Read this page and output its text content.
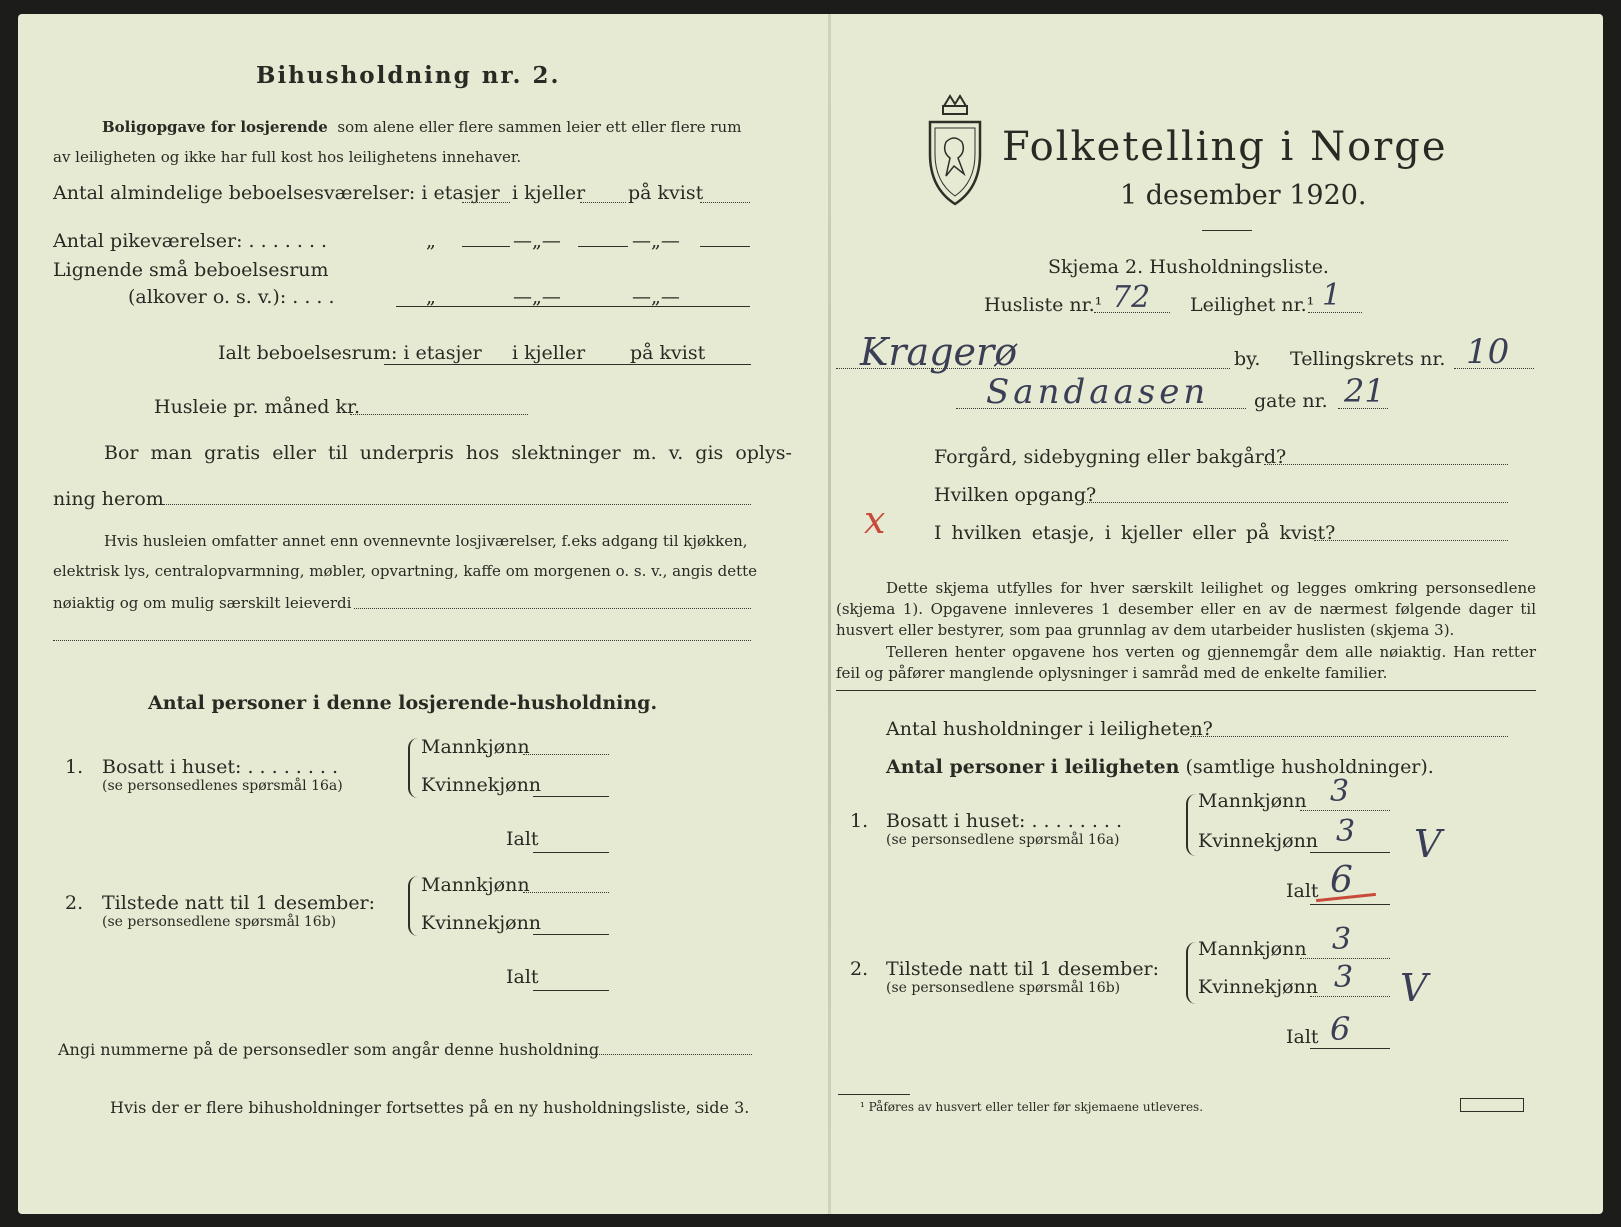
Bihusholdning nr. 2.
Boligopgave for losjerende som alene eller flere sammen leier ett eller flere rum
av leiligheten og ikke har full kost hos leilighetens innehaver.
Antal almindelige beboelsesværelser: i etasjer i kjeller på kvist
Antal pikeværelser: . . . . . . .	„	—„—	—„—
Lignende små beboelsesrum
(alkover o. s. v.): . . . .	„	—„—	—„—
Ialt beboelsesrum: i etasjer i kjeller på kvist
Husleie pr. måned kr.
Bor man gratis eller til underpris hos slektninger m. v. gis oplys-
ning herom
Hvis husleien omfatter annet enn ovennevnte losjiværelser, f.eks adgang til kjøkken,
elektrisk lys, centralopvarmning, møbler, opvartning, kaffe om morgenen o. s. v., angis dette
nøiaktig og om mulig særskilt leieverdi
Antal personer i denne losjerende-husholdning.
1. Bosatt i huset: . . . . . . . .
(se personsedlenes spørsmål 16a)
Mannkjønn
Kvinnekjønn
Ialt
2. Tilstede natt til 1 desember:
(se personsedlene spørsmål 16b)
Mannkjønn
Kvinnekjønn
Ialt
Angi nummerne på de personsedler som angår denne husholdning
Hvis der er flere bihusholdninger fortsettes på en ny husholdningsliste, side 3.
Folketelling i Norge
1 desember 1920.
Skjema 2. Husholdningsliste.
Husliste nr.¹ 72 Leilighet nr.¹ 1
Kragerø	by. Tellingskrets nr. 10
Sandaasen gate nr. 21
Forgård, sidebygning eller bakgård?
Hvilken opgang?
x	I hvilken etasje, i kjeller eller på kvist?
Dette skjema utfylles for hver særskilt leilighet og legges omkring personsedlene (skjema 1). Opgavene innleveres 1 desember eller en av de nærmest følgende dager til husvert eller bestyrer, som paa grunnlag av dem utarbeider huslisten (skjema 3).
Telleren henter opgavene hos verten og gjennemgår dem alle nøiaktig. Han retter feil og påfører manglende oplysninger i samråd med de enkelte familier.
Antal husholdninger i leiligheten?
Antal personer i leiligheten (samtlige husholdninger).
1. Bosatt i huset: . . . . . . . .
(se personsedlene spørsmål 16a)
Mannkjønn 3
Kvinnekjønn 3 V
Ialt 6
2. Tilstede natt til 1 desember:
(se personsedlene spørsmål 16b)
Mannkjønn 3
Kvinnekjønn 3 V
Ialt 6
¹ Påføres av husvert eller teller før skjemaene utleveres.
